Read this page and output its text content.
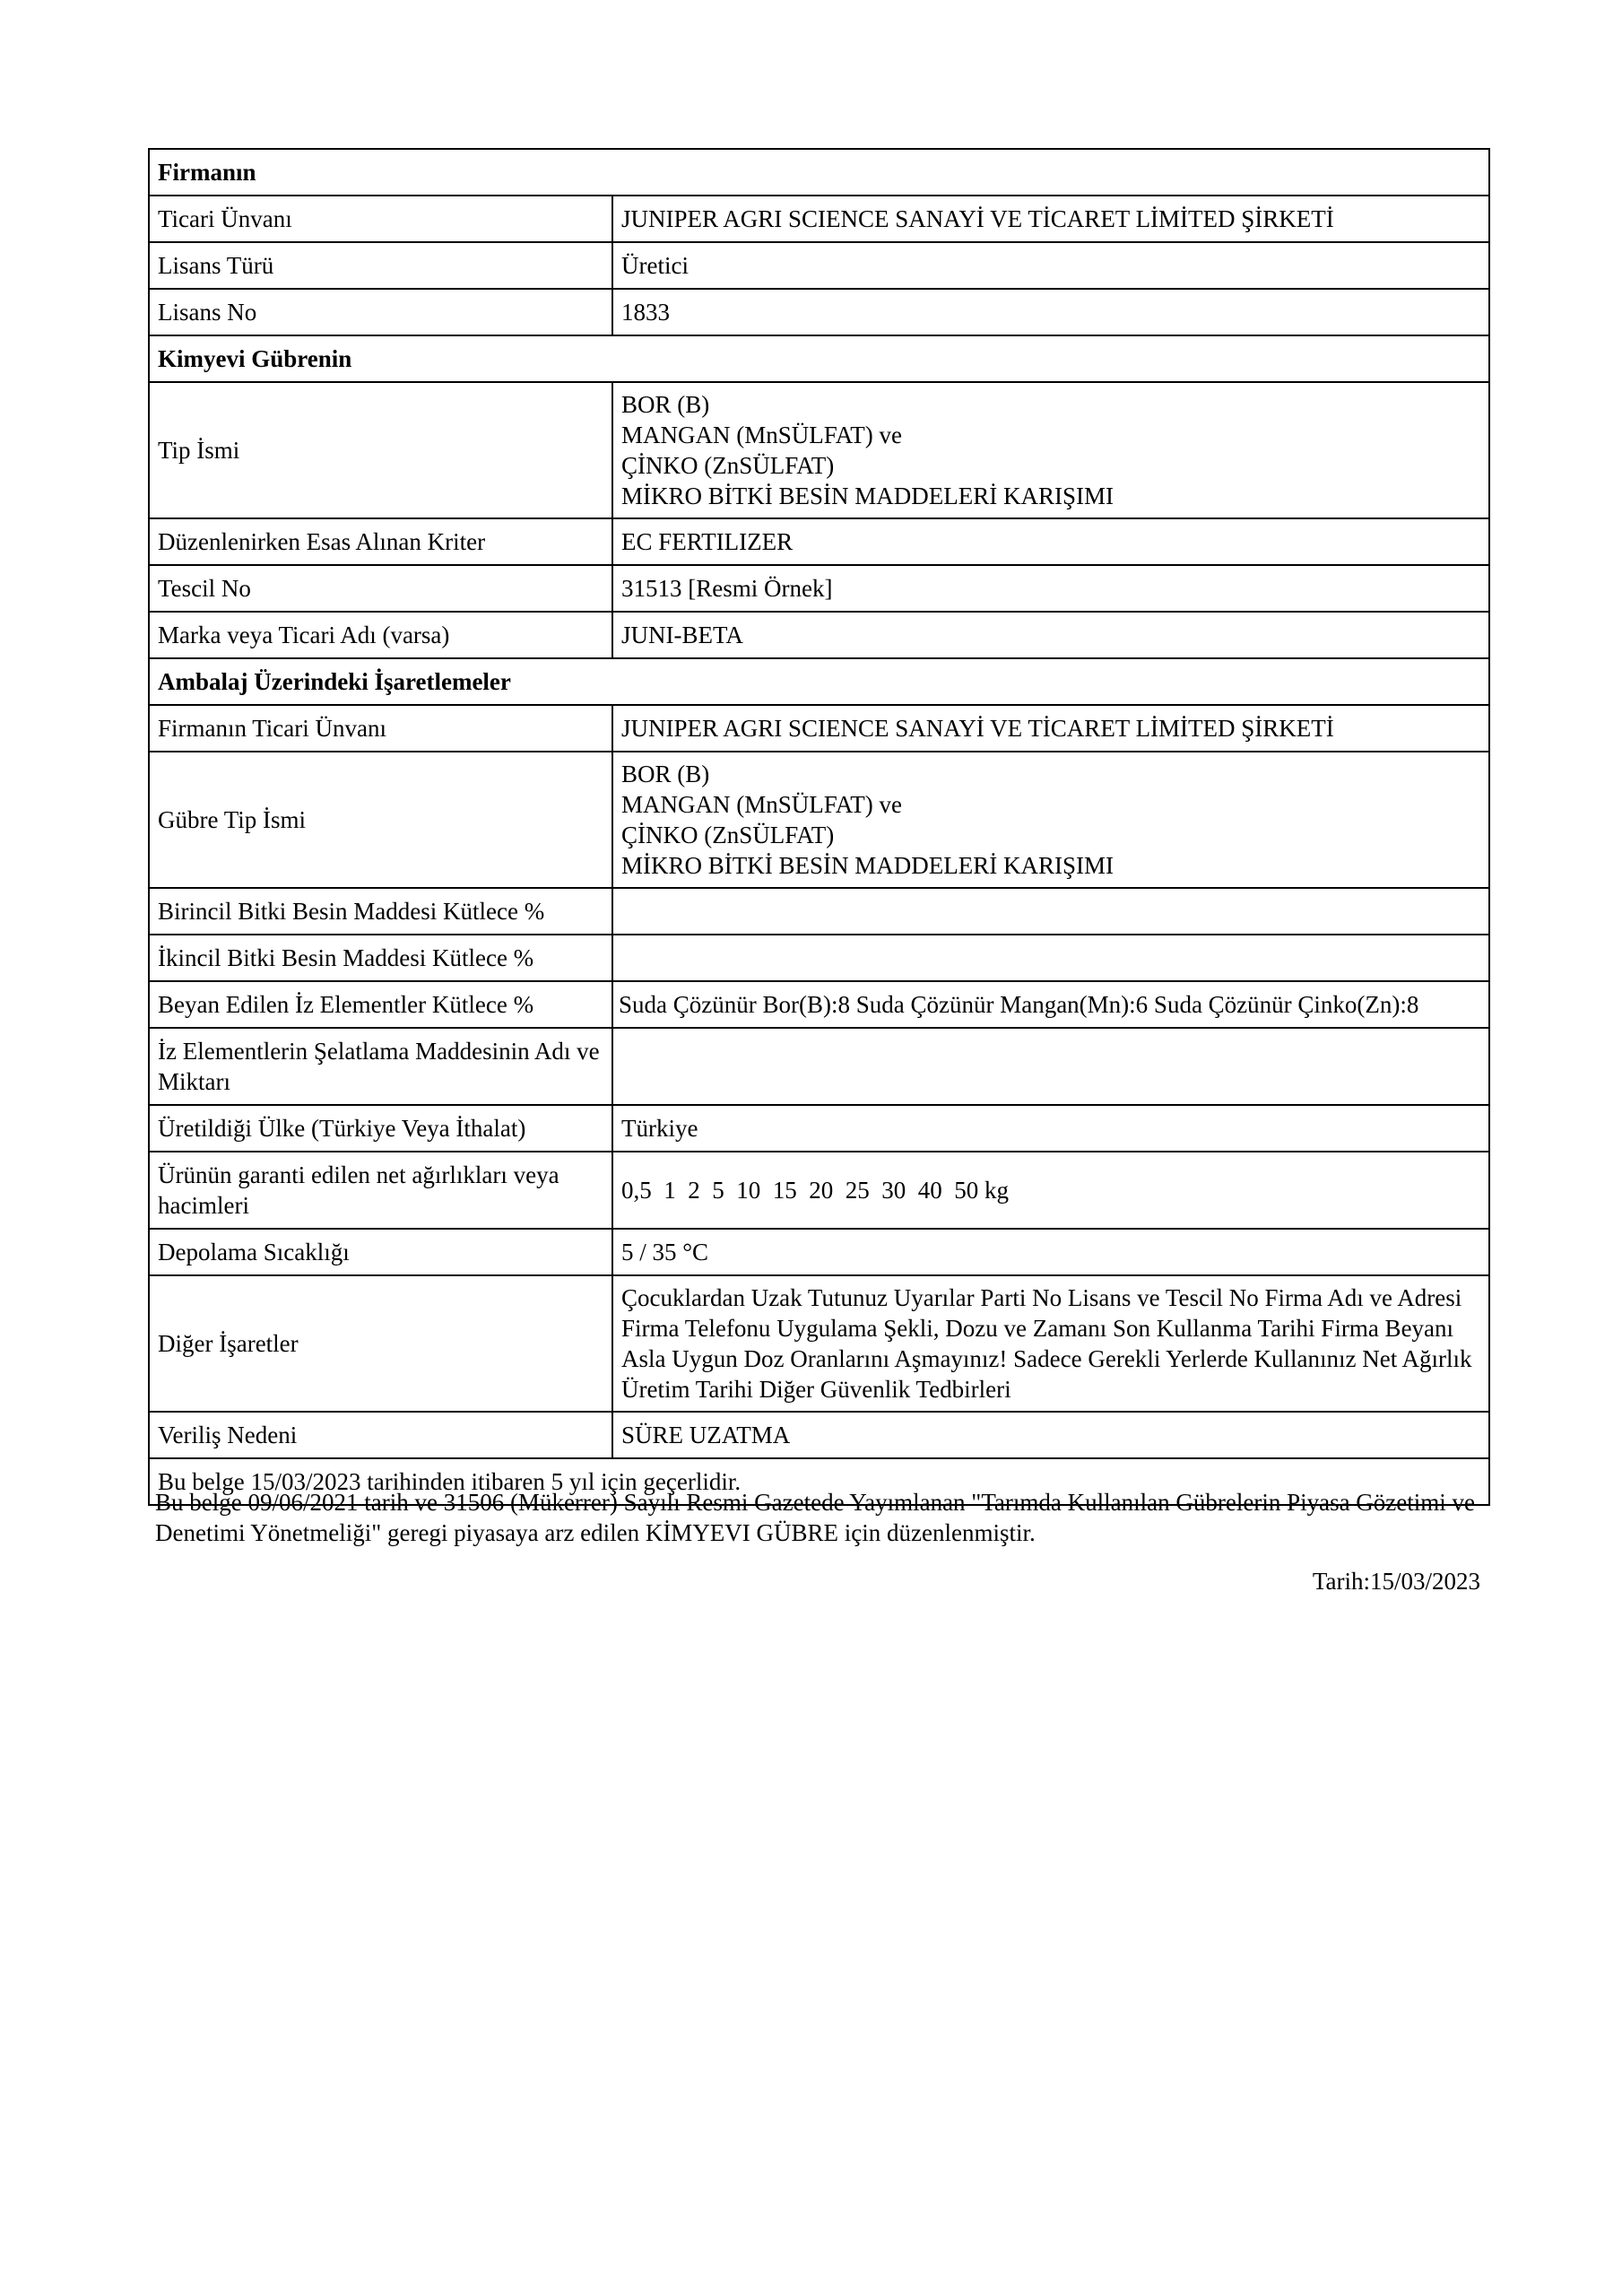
Firmanın	
Ticari Ünvanı	JUNIPER AGRI SCIENCE SANAYİ VE TİCARET LİMİTED ŞİRKETİ
Lisans Türü	Üretici
Lisans No	1833
Kimyevi Gübrenin	
Tip İsmi	BOR (B)
MANGAN (MnSÜLFAT) ve
ÇİNKO (ZnSÜLFAT)
MİKRO BİTKİ BESİN MADDELERİ KARIŞIMI
Düzenlenirken Esas Alınan Kriter	EC FERTILIZER
Tescil No	31513 [Resmi Örnek]
Marka veya Ticari Adı (varsa)	JUNI-BETA
Ambalaj Üzerindeki İşaretlemeler	
Firmanın Ticari Ünvanı	JUNIPER AGRI SCIENCE SANAYİ VE TİCARET LİMİTED ŞİRKETİ
Gübre Tip İsmi	BOR (B)
MANGAN (MnSÜLFAT) ve
ÇİNKO (ZnSÜLFAT)
MİKRO BİTKİ BESİN MADDELERİ KARIŞIMI
Birincil Bitki Besin Maddesi Kütlece %	
İkincil Bitki Besin Maddesi Kütlece %	
Beyan Edilen İz Elementler Kütlece %	Suda Çözünür Bor(B):8 Suda Çözünür Mangan(Mn):6 Suda Çözünür Çinko(Zn):8
İz Elementlerin Şelatlama Maddesinin Adı ve Miktarı	
Üretildiği Ülke (Türkiye Veya İthalat)	Türkiye
Ürünün garanti edilen net ağırlıkları veya hacimleri	0,5  1  2  5  10  15  20  25  30  40  50 kg
Depolama Sıcaklığı	5 / 35 °C
Diğer İşaretler	Çocuklardan Uzak Tutunuz Uyarılar Parti No Lisans ve Tescil No Firma Adı ve Adresi Firma Telefonu Uygulama Şekli, Dozu ve Zamanı Son Kullanma Tarihi Firma Beyanı Asla Uygun Doz Oranlarını Aşmayınız! Sadece Gerekli Yerlerde Kullanınız Net Ağırlık Üretim Tarihi Diğer Güvenlik Tedbirleri
Veriliş Nedeni	SÜRE UZATMA
Bu belge 15/03/2023 tarihinden itibaren 5 yıl için geçerlidir.	
Bu belge 09/06/2021 tarih ve 31506 (Mükerrer) Sayılı Resmi Gazetede Yayımlanan "Tarımda Kullanılan Gübrelerin Piyasa Gözetimi ve Denetimi Yönetmeliği" geregi piyasaya arz edilen KİMYEVI GÜBRE için düzenlenmiştir.
Tarih:15/03/2023
